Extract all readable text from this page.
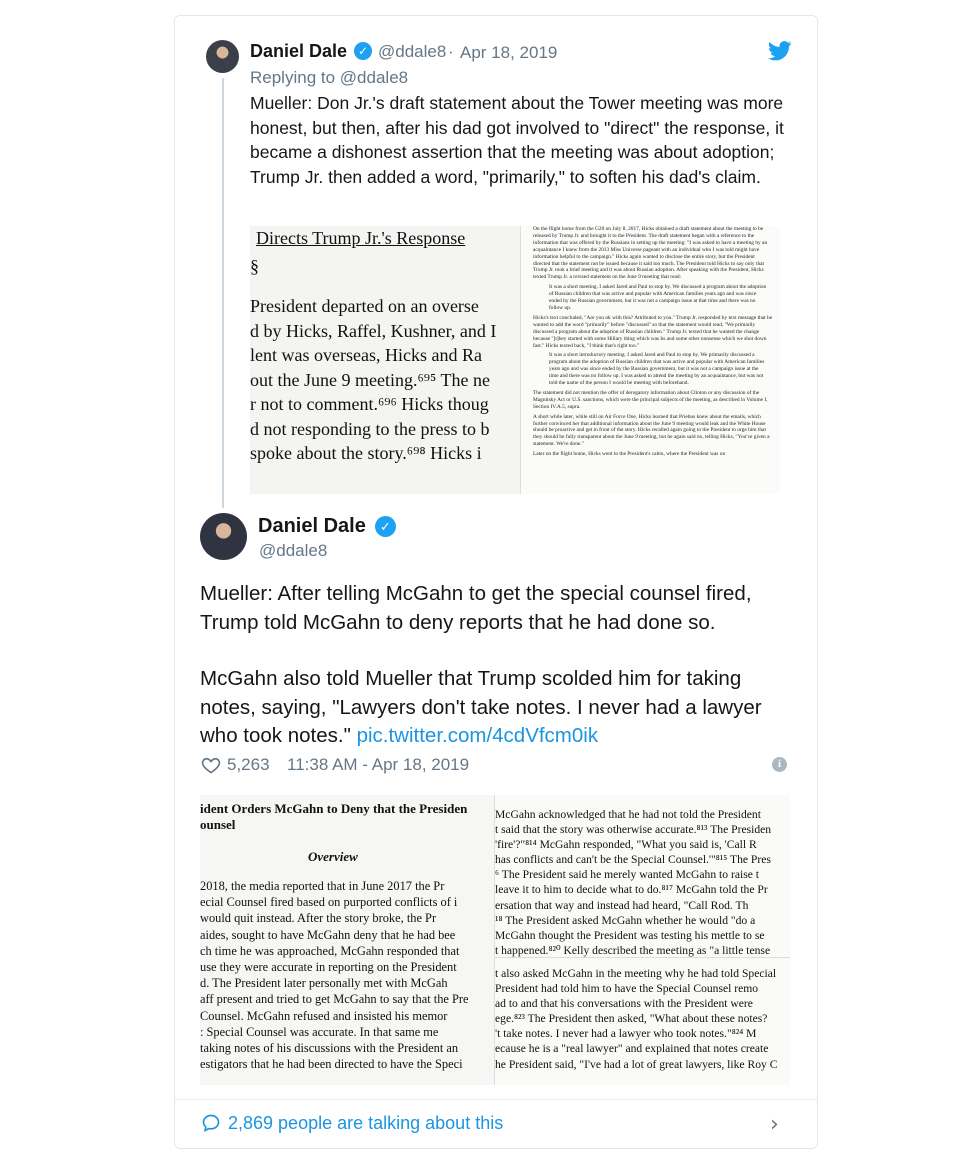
Daniel Dale ✓ @ddale8 · Apr 18, 2019
Replying to @ddale8
Mueller: Don Jr.'s draft statement about the Tower meeting was more honest, but then, after his dad got involved to "direct" the response, it became a dishonest assertion that the meeting was about adoption; Trump Jr. then added a word, "primarily," to soften his dad's claim.
Directs Trump Jr.'s Response
§
President departed on an overse
d by Hicks, Raffel, Kushner, and I
lent was overseas, Hicks and Ra
out the June 9 meeting.⁶⁹⁵ The ne
r not to comment.⁶⁹⁶ Hicks thoug
d not responding to the press to b
spoke about the story.⁶⁹⁸ Hicks i

On the flight home from the G20 on July 8, 2017, Hicks obtained a draft statement about the meeting to be released by Trump Jr. and brought it to the President. The draft statement began with a reference to the information that was offered by the Russians in setting up the meeting: "I was asked to have a meeting by an acquaintance I knew from the 2013 Miss Universe pageant with an individual who I was told might have information helpful to the campaign." Hicks again wanted to disclose the entire story, but the President directed that the statement not be issued because it said too much. The President told Hicks to say only that Trump Jr. took a brief meeting and it was about Russian adoption. After speaking with the President, Hicks texted Trump Jr. a revised statement on the June 9 meeting that read:

It was a short meeting. I asked Jared and Paul to stop by. We discussed a program about the adoption of Russian children that was active and popular with American families years ago and was since ended by the Russian government, but it was not a campaign issue at that time and there was no follow up.

Hicks's text concluded, "Are you ok with this? Attributed to you." Trump Jr. responded by text message that he wanted to add the word "primarily" before "discussed" so that the statement would read, "We primarily discussed a program about the adoption of Russian children." Trump Jr. texted that he wanted the change because "[t]hey started with some Hillary thing which was bs and some other nonsense which we shot down fast." Hicks texted back, "I think that's right too."

It was a short introductory meeting. I asked Jared and Paul to stop by. We primarily discussed a program about the adoption of Russian children that was active and popular with American families years ago and was since ended by the Russian government, but it was not a campaign issue at the time and there was no follow up. I was asked to attend the meeting by an acquaintance, but was not told the name of the person I would be meeting with beforehand.

The statement did not mention the offer of derogatory information about Clinton or any discussion of the Magnitsky Act or U.S. sanctions, which were the principal subjects of the meeting, as described in Volume I, Section IV.A.5, supra.

A short while later, while still on Air Force One, Hicks learned that Priebus knew about the emails, which further convinced her that additional information about the June 9 meeting would leak and the White House should be proactive and get in front of the story. Hicks recalled again going to the President to urge him that they should be fully transparent about the June 9 meeting, but he again said no, telling Hicks, "You've given a statement. We're done."

Later on the flight home, Hicks went to the President's cabin, where the President was on

Daniel Dale	✓
@ddale8
Mueller: After telling McGahn to get the special counsel fired, Trump told McGahn to deny reports that he had done so.
McGahn also told Mueller that Trump scolded him for taking notes, saying, "Lawyers don't take notes. I never had a lawyer who took notes." pic.twitter.com/4cdVfcm0ik
5,263 11:38 AM - Apr 18, 2019	i
ident Orders McGahn to Deny that the Presiden
ounsel
Overview
2018, the media reported that in June 2017 the Pr
ecial Counsel fired based on purported conflicts of i
would quit instead. After the story broke, the Pr
aides, sought to have McGahn deny that he had bee
ch time he was approached, McGahn responded that
use they were accurate in reporting on the President
d. The President later personally met with McGah
aff present and tried to get McGahn to say that the Pre
Counsel. McGahn refused and insisted his memor
: Special Counsel was accurate. In that same me
taking notes of his discussions with the President an
estigators that he had been directed to have the Speci
McGahn acknowledged that he had not told the President
t said that the story was otherwise accurate.⁸¹³ The Presiden
'fire'?"⁸¹⁴ McGahn responded, "What you said is, 'Call R
has conflicts and can't be the Special Counsel.'"⁸¹⁵ The Pres
⁶ The President said he merely wanted McGahn to raise t
leave it to him to decide what to do.⁸¹⁷ McGahn told the Pr
ersation that way and instead had heard, "Call Rod. Th
¹⁸ The President asked McGahn whether he would "do a
McGahn thought the President was testing his mettle to se
t happened.⁸²⁰ Kelly described the meeting as "a little tense
t also asked McGahn in the meeting why he had told Special
President had told him to have the Special Counsel remo
ad to and that his conversations with the President were
ege.⁸²³ The President then asked, "What about these notes?
't take notes. I never had a lawyer who took notes."⁸²⁴ M
ecause he is a "real lawyer" and explained that notes create
he President said, "I've had a lot of great lawyers, like Roy C
2,869 people are talking about this	›
